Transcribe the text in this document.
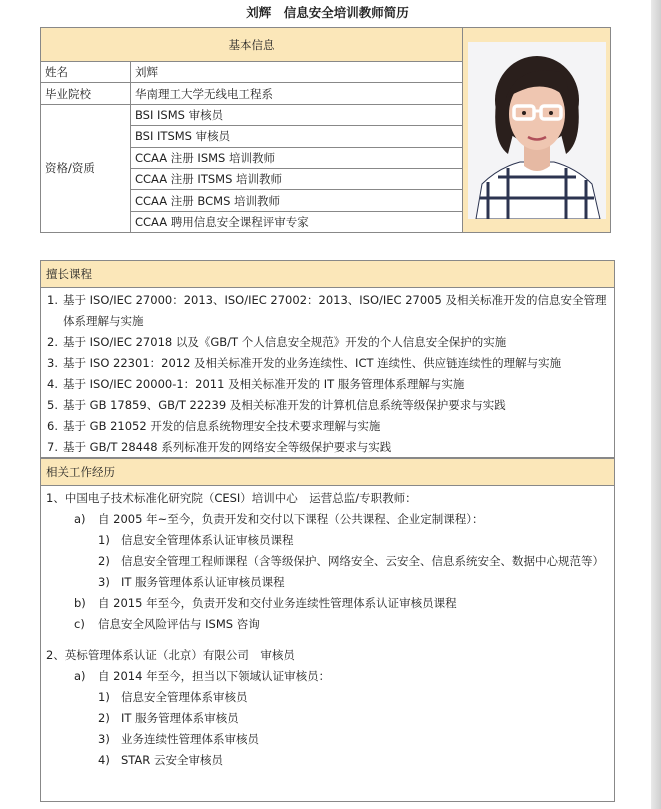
刘辉　信息安全培训教师简历
基本信息	

姓名	刘辉	
毕业院校	华南理工大学无线电工程系	
资格/资质	BSI ISMS 审核员	
	BSI ITSMS 审核员	
	CCAA 注册 ISMS 培训教师	
	CCAA 注册 ITSMS 培训教师	
	CCAA 注册 BCMS 培训教师	
	CCAA 聘用信息安全课程评审专家	
擅长课程
1. 基于 ISO/IEC 27000：2013、ISO/IEC 27002：2013、ISO/IEC 27005 及相关标准开发的信息安全管理体系理解与实施
2. 基于 ISO/IEC 27018 以及《GB/T 个人信息安全规范》开发的个人信息安全保护的实施
3. 基于 ISO 22301：2012 及相关标准开发的业务连续性、ICT 连续性、供应链连续性的理解与实施
4. 基于 ISO/IEC 20000-1：2011 及相关标准开发的 IT 服务管理体系理解与实施
5. 基于 GB 17859、GB/T 22239 及相关标准开发的计算机信息系统等级保护要求与实践
6. 基于 GB 21052 开发的信息系统物理安全技术要求理解与实施
7. 基于 GB/T 28448 系列标准开发的网络安全等级保护要求与实践
相关工作经历
1、中国电子技术标准化研究院（CESI）培训中心　运营总监/专职教师：
a)	自 2005 年~至今，负责开发和交付以下课程（公共课程、企业定制课程）：
1) 信息安全管理体系认证审核员课程
2) 信息安全管理工程师课程（含等级保护、网络安全、云安全、信息系统安全、数据中心规范等）
3) IT 服务管理体系认证审核员课程
b)	自 2015 年至今，负责开发和交付业务连续性管理体系认证审核员课程
c)	信息安全风险评估与 ISMS 咨询
2、英标管理体系认证（北京）有限公司　审核员
a)	自 2014 年至今，担当以下领域认证审核员：
1) 信息安全管理体系审核员
2) IT 服务管理体系审核员
3) 业务连续性管理体系审核员
4) STAR 云安全审核员
